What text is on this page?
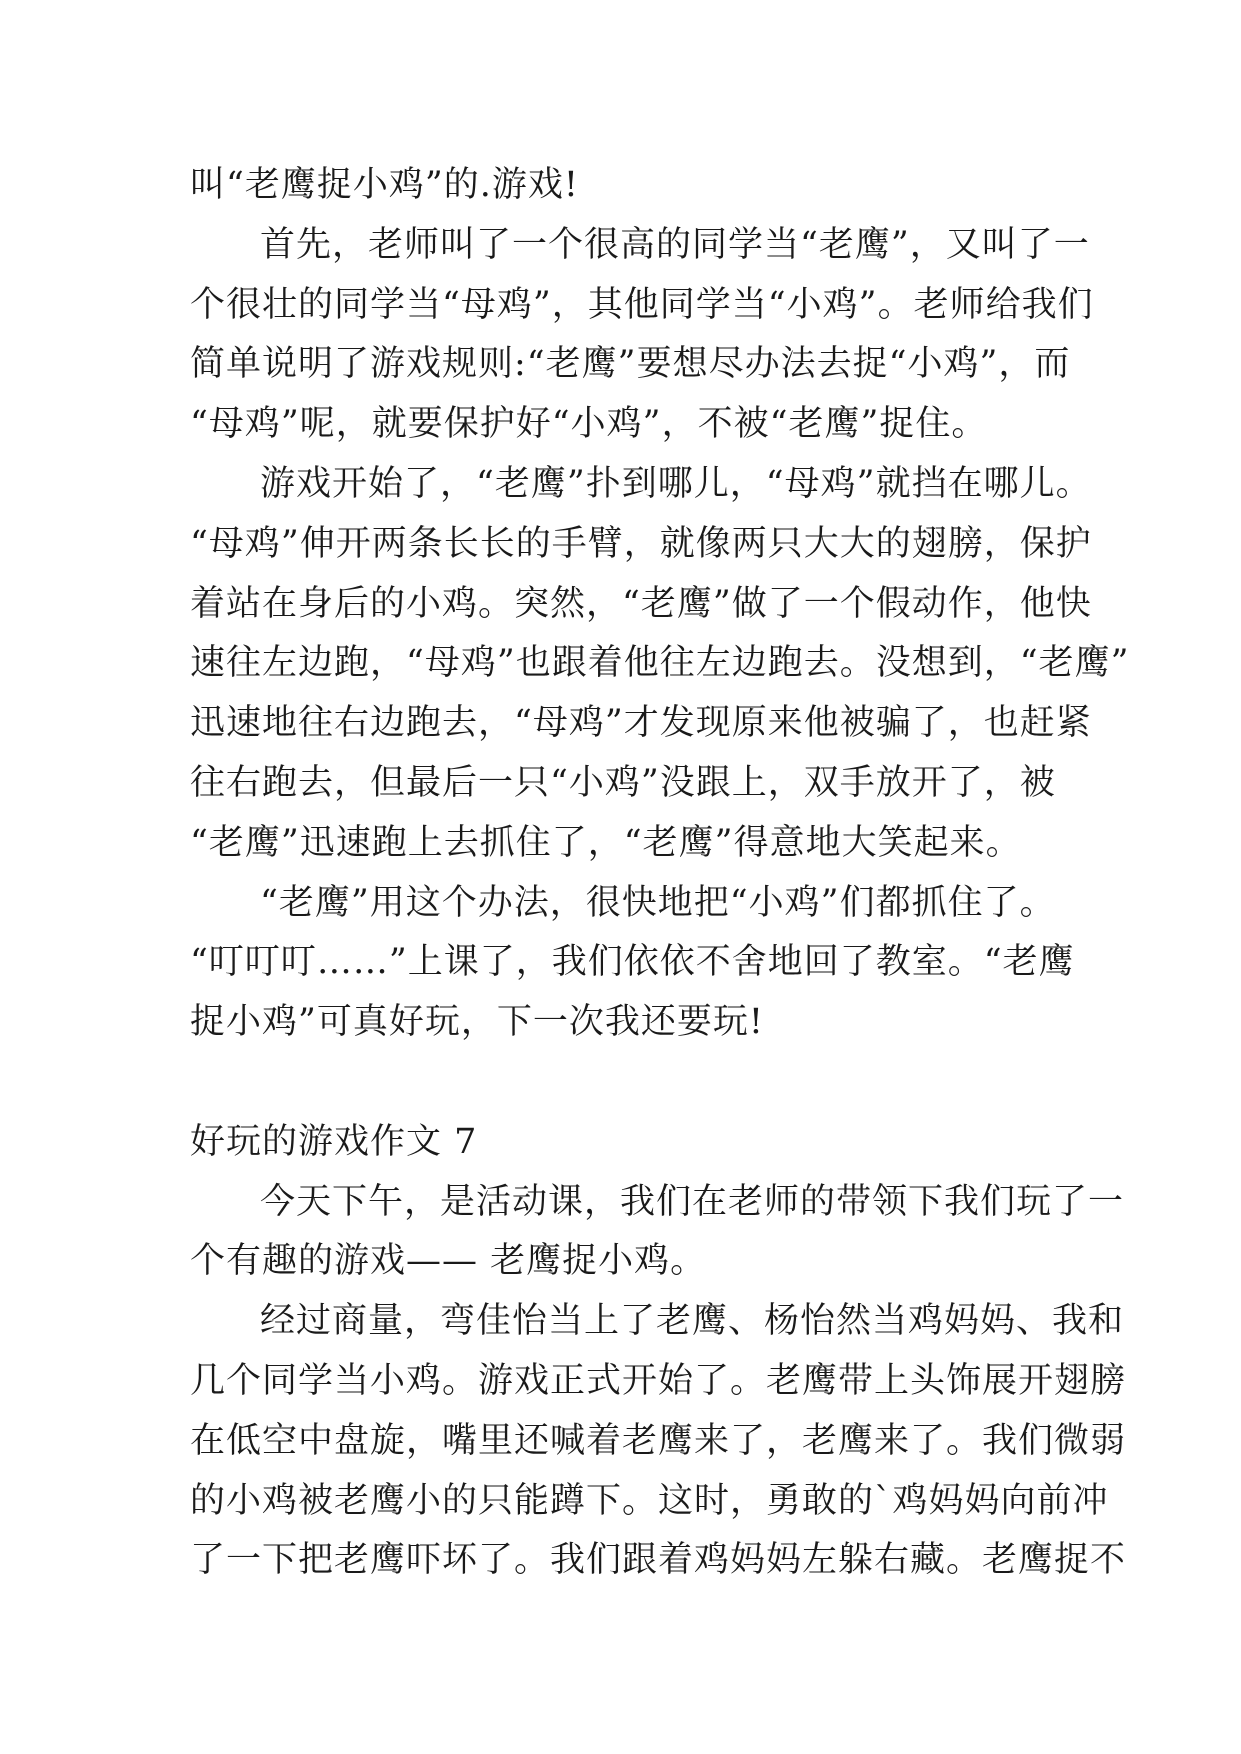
叫“老鹰捉小鸡”的.游戏!
首先，老师叫了一个很高的同学当“老鹰”，又叫了一
个很壮的同学当“母鸡”，其他同学当“小鸡”。老师给我们
简单说明了游戏规则:“老鹰”要想尽办法去捉“小鸡”，而
“母鸡”呢，就要保护好“小鸡”，不被“老鹰”捉住。
游戏开始了，“老鹰”扑到哪儿，“母鸡”就挡在哪儿。
“母鸡”伸开两条长长的手臂，就像两只大大的翅膀，保护
着站在身后的小鸡。突然，“老鹰”做了一个假动作，他快
速往左边跑，“母鸡”也跟着他往左边跑去。没想到，“老鹰”
迅速地往右边跑去，“母鸡”才发现原来他被骗了，也赶紧
往右跑去，但最后一只“小鸡”没跟上，双手放开了，被
“老鹰”迅速跑上去抓住了，“老鹰”得意地大笑起来。
“老鹰”用这个办法，很快地把“小鸡”们都抓住了。
“叮叮叮……”上课了，我们依依不舍地回了教室。“老鹰
捉小鸡”可真好玩，下一次我还要玩!
好玩的游戏作文 7
今天下午，是活动课，我们在老师的带领下我们玩了一
个有趣的游戏—— 老鹰捉小鸡。
经过商量，弯佳怡当上了老鹰、杨怡然当鸡妈妈、我和
几个同学当小鸡。游戏正式开始了。老鹰带上头饰展开翅膀
在低空中盘旋，嘴里还喊着老鹰来了，老鹰来了。我们微弱
的小鸡被老鹰小的只能蹲下。这时，勇敢的`鸡妈妈向前冲
了一下把老鹰吓坏了。我们跟着鸡妈妈左躲右藏。老鹰捉不
